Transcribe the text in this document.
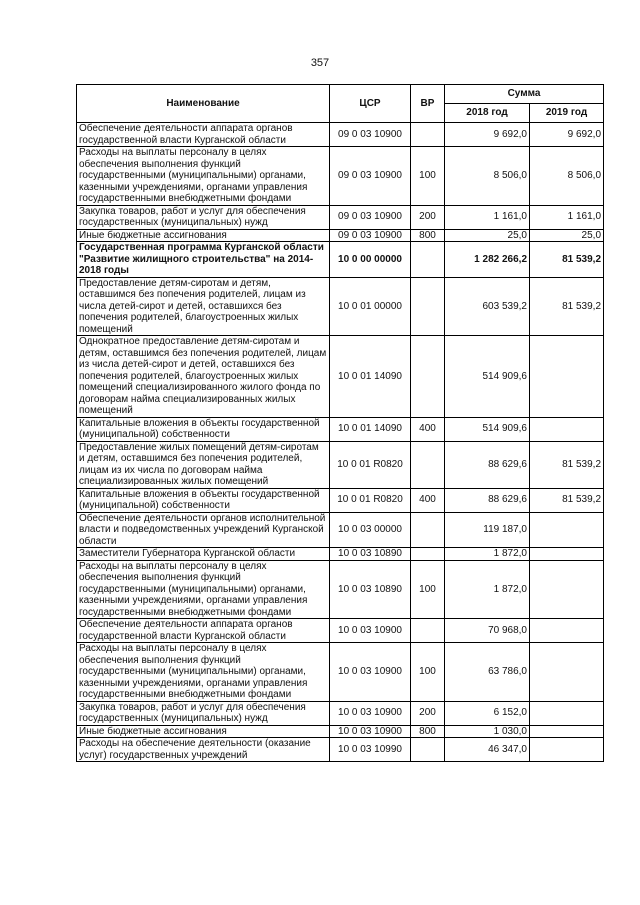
357
Наименование	ЦСР	ВР	Сумма	
			2018 год	2019 год
Обеспечение деятельности аппарата органов государственной власти Курганской области	09 0 03 10900		9 692,0	9 692,0
Расходы на выплаты персоналу в целях обеспечения выполнения функций государственными (муниципальными) органами, казенными учреждениями, органами управления государственными внебюджетными фондами	09 0 03 10900	100	8 506,0	8 506,0
Закупка товаров, работ и услуг для обеспечения государственных (муниципальных) нужд	09 0 03 10900	200	1 161,0	1 161,0
Иные бюджетные ассигнования	09 0 03 10900	800	25,0	25,0
Государственная программа Курганской области "Развитие жилищного строительства" на 2014-2018 годы	10 0 00 00000		1 282 266,2	81 539,2
Предоставление детям-сиротам и детям, оставшимся без попечения родителей, лицам из числа детей-сирот и детей, оставшихся без попечения родителей, благоустроенных жилых помещений	10 0 01 00000		603 539,2	81 539,2
Однократное предоставление детям-сиротам и детям, оставшимся без попечения родителей, лицам из числа детей-сирот и детей, оставшихся без попечения родителей, благоустроенных жилых помещений специализированного жилого фонда по договорам найма специализированных жилых помещений	10 0 01 14090		514 909,6	
Капитальные вложения в объекты государственной (муниципальной) собственности	10 0 01 14090	400	514 909,6	
Предоставление жилых помещений детям-сиротам и детям, оставшимся без попечения родителей, лицам из их числа по договорам найма специализированных жилых помещений	10 0 01 R0820		88 629,6	81 539,2
Капитальные вложения в объекты государственной (муниципальной) собственности	10 0 01 R0820	400	88 629,6	81 539,2
Обеспечение деятельности органов исполнительной власти и подведомственных учреждений Курганской области	10 0 03 00000		119 187,0	
Заместители Губернатора Курганской области	10 0 03 10890		1 872,0	
Расходы на выплаты персоналу в целях обеспечения выполнения функций государственными (муниципальными) органами, казенными учреждениями, органами управления государственными внебюджетными фондами	10 0 03 10890	100	1 872,0	
Обеспечение деятельности аппарата органов государственной власти Курганской области	10 0 03 10900		70 968,0	
Расходы на выплаты персоналу в целях обеспечения выполнения функций государственными (муниципальными) органами, казенными учреждениями, органами управления государственными внебюджетными фондами	10 0 03 10900	100	63 786,0	
Закупка товаров, работ и услуг для обеспечения государственных (муниципальных) нужд	10 0 03 10900	200	6 152,0	
Иные бюджетные ассигнования	10 0 03 10900	800	1 030,0	
Расходы на обеспечение деятельности (оказание услуг) государственных учреждений	10 0 03 10990		46 347,0	
